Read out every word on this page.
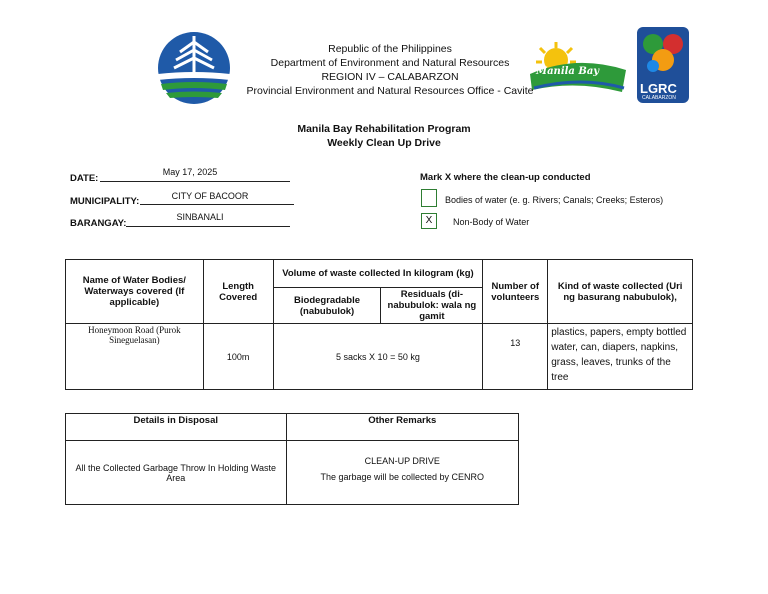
Manila Bay
LGRC
CALABARZON
Republic of the Philippines
Department of Environment and Natural Resources
REGION IV – CALABARZON
Provincial Environment and Natural Resources Office - Cavite
Manila Bay Rehabilitation Program
Weekly Clean Up Drive
DATE:
May 17, 2025
MUNICIPALITY:	CITY OF BACOOR
BARANGAY:
SINBANALI
Mark X where the clean-up conducted
Bodies of water (e. g. Rivers; Canals; Creeks; Esteros)
X	Non-Body of Water
Name of Water Bodies/ Waterways covered (If applicable)	Length Covered	Volume of waste collected In kilogram (kg)		Number of volunteers	Kind of waste collected (Uri ng basurang nabubulok),
		Biodegradable (nabubulok)	Residuals (di-nabubulok: wala ng gamit		
Honeymoon Road (Purok Sineguelasan)	100m	5 sacks X 10 = 50 kg		13	plastics, papers, empty bottled water, can, diapers, napkins, grass, leaves, trunks of the tree
Details in Disposal	Other Remarks
All the Collected Garbage Throw In Holding Waste Area	CLEAN-UP DRIVE
The garbage will be collected by CENRO
